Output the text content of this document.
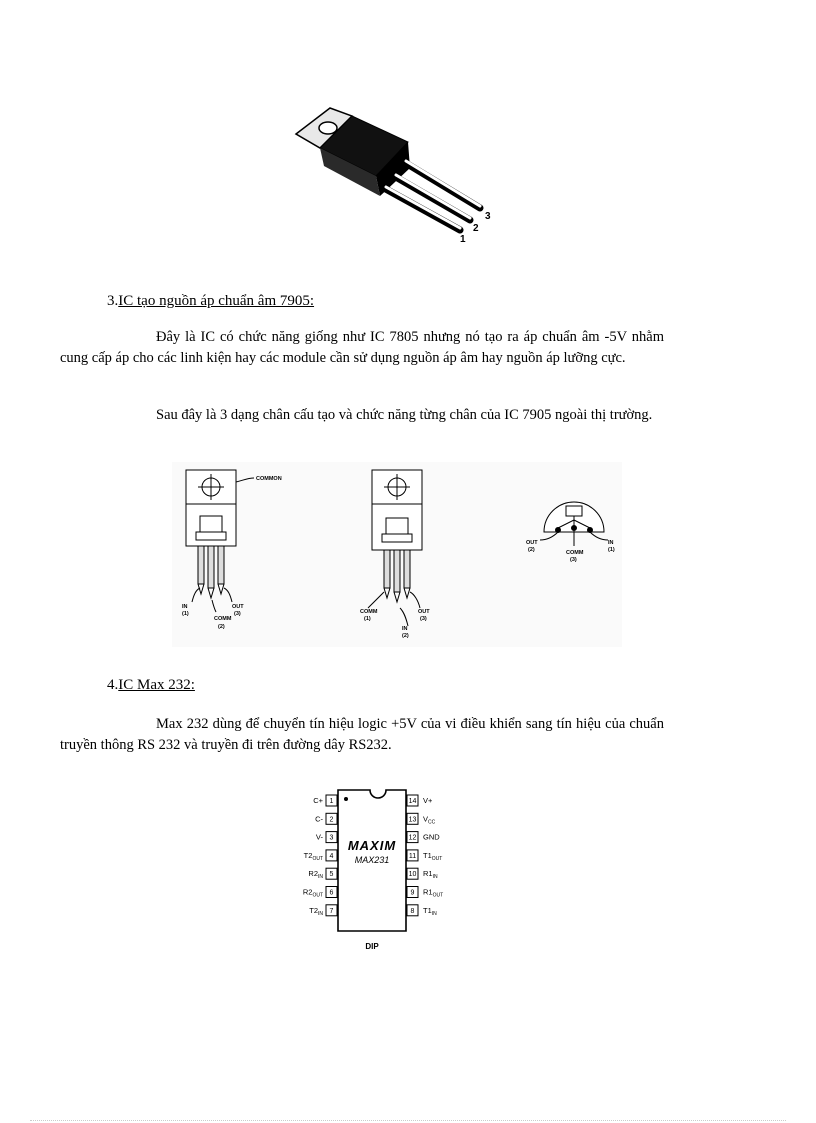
1
2
3
3.IC tạo nguồn áp chuẩn âm 7905:
Đây là IC có chức năng giống như IC 7805 nhưng nó tạo ra áp chuẩn âm -5V nhằm cung cấp áp cho các linh kiện hay các module cần sử dụng nguồn áp âm hay nguồn áp lưỡng cực.
Sau đây là 3 dạng chân cấu tạo và chức năng từng chân của IC 7905 ngoài thị trường.
COMMON
IN
(1)
COMM
(2)
OUT
(3)	COMM
(1)
IN
(2)
OUT
(3)
OUT
(2)	COMM
(3)
IN
(1)
4.IC Max 232:
Max 232 dùng để chuyển tín hiệu logic +5V của vi điều khiển sang tín hiệu của chuẩn truyền thông RS 232 và truyền đi trên đường dây RS232.
MAXIM
MAX231
DIP
1
C+
2
C-
3
V-
4
$T2_{OUT}$
5
$R2_{IN}$
6
$R2_{OUT}$
7
$T2_{IN}$
14 V+
13 $V_{CC}$
12 GND
11 $T1_{OUT}$
10 $R1_{IN}$
9 $R1_{OUT}$
8 $T1_{IN}$
